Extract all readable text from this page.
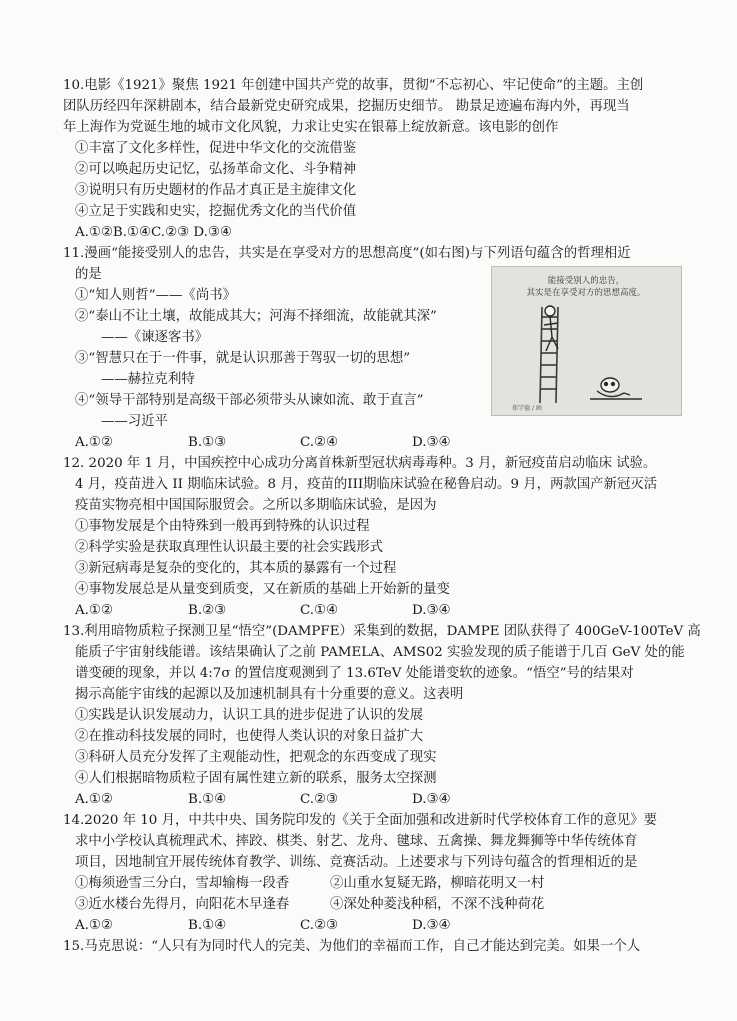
10.电影《1921》聚焦 1921 年创建中国共产党的故事，贯彻“不忘初心、牢记使命”的主题。主创
团队历经四年深耕剧本，结合最新党史研究成果，挖掘历史细节。 勘景足迹遍布海内外，再现当
年上海作为党诞生地的城市文化风貌，力求让史实在银幕上绽放新意。该电影的创作
①丰富了文化多样性，促进中华文化的交流借鉴
②可以唤起历史记忆，弘扬革命文化、斗争精神
③说明只有历史题材的作品才真正是主旋律文化
④立足于实践和史实，挖掘优秀文化的当代价值
A.①②B.①④C.②③ D.③④
11.漫画“能接受别人的忠告，共实是在享受对方的思想高度”(如右图)与下列语句蕴含的哲理相近
的是
①“知人则哲”——《尚书》
②“泰山不让土壤，故能成其大；河海不择细流，故能就其深”
——《谏逐客书》
③“智慧只在于一件事，就是认识那善于驾驭一切的思想”
——赫拉克利特
④“领导干部特别是高级干部必须带头从谏如流、敢于直言”
——习近平
A.①②	B.①③	C.②④	D.③④
能接受别人的忠告，
其实是在享受对方的思想高度。
郑学德 / 画
12. 2020 年 1 月，中国疾控中心成功分离首株新型冠状病毒毒种。3 月，新冠疫苗启动临床 试验。
4 月，疫苗进入 II 期临床试验。8 月，疫苗的III期临床试验在秘鲁启动。9 月，两款国产新冠灭活
疫苗实物亮相中国国际服贸会。之所以多期临床试验，是因为
①事物发展是个由特殊到一般再到特殊的认识过程
②科学实验是获取真理性认识最主要的社会实践形式
③新冠病毒是复杂的变化的，其本质的暴露有一个过程
④事物发展总是从量变到质变，又在新质的基础上开始新的量变
A.①②	B.②③	C.①④	D.③④
13.利用暗物质粒子探测卫星“悟空”(DAMPFE）采集到的数据，DAMPE 团队获得了 400GeV-100TeV 高
能质子宇宙射线能谱。该结果确认了之前 PAMELA、AMS02 实验发现的质子能谱于几百 GeV 处的能
谱变硬的现象，并以 4:7σ 的置信度观测到了 13.6TeV 处能谱变软的迹象。“悟空”号的结果对
揭示高能宇宙线的起源以及加速机制具有十分重要的意义。这表明
①实践是认识发展动力，认识工具的进步促进了认识的发展
②在推动科技发展的同时，也使得人类认识的对象日益扩大
③科研人员充分发挥了主观能动性，把观念的东西变成了现实
④人们根据暗物质粒子固有属性建立新的联系，服务太空探测
A.①②	B.①④	C.②③	D.③④
14.2020 年 10 月，中共中央、国务院印发的《关于全面加强和改进新时代学校体育工作的意见》要
求中小学校认真梳理武术、摔跤、棋类、射艺、龙舟、毽球、五禽操、舞龙舞狮等中华传统体育
项目，因地制宜开展传统体育教学、训练、竞赛活动。上述要求与下列诗句蕴含的哲理相近的是
①梅须逊雪三分白，雪却输梅一段香	②山重水复疑无路，柳暗花明又一村
③近水楼台先得月，向阳花木早逢春	④深处种菱浅种稻，不深不浅种荷花
A.①②	B.①④	C.②③	D.③④
15.马克思说：“人只有为同时代人的完美、为他们的幸福而工作，自己才能达到完美。如果一个人
